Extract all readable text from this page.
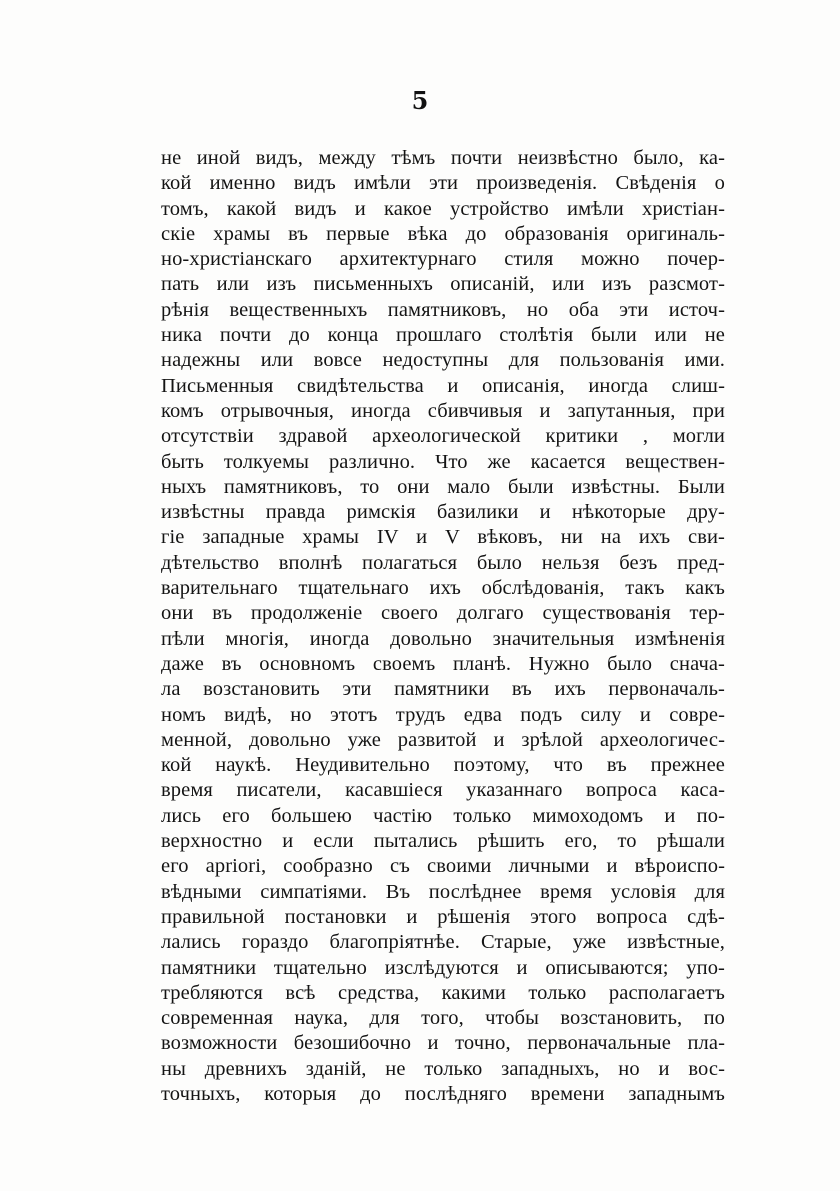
5
не иной видъ, между тѣмъ почти неизвѣстно было, ка-
кой именно видъ имѣли эти произведенія. Свѣденія о
томъ, какой видъ и какое устройство имѣли христіан-
скіе храмы въ первые вѣка до образованія оригиналь-
но-христіанскаго архитектурнаго стиля можно почер-
пать или изъ письменныхъ описаній, или изъ разсмот-
рѣнія вещественныхъ памятниковъ, но оба эти источ-
ника почти до конца прошлаго столѣтія были или не
надежны или вовсе недоступны для пользованія ими.
Письменныя свидѣтельства и описанія, иногда слиш-
комъ отрывочныя, иногда сбивчивыя и запутанныя, при
отсутствіи здравой археологической критики , могли
быть толкуемы различно. Что же касается веществен-
ныхъ памятниковъ, то они мало были извѣстны. Были
извѣстны правда римскія базилики и нѣкоторые дру-
гіе западные храмы IV и V вѣковъ, ни на ихъ сви-
дѣтельство вполнѣ полагаться было нельзя безъ пред-
варительнаго тщательнаго ихъ обслѣдованія, такъ какъ
они въ продолженіе своего долгаго существованія тер-
пѣли многія, иногда довольно значительныя измѣненія
даже въ основномъ своемъ планѣ. Нужно было снача-
ла возстановить эти памятники въ ихъ первоначаль-
номъ видѣ, но этотъ трудъ едва подъ силу и совре-
менной, довольно уже развитой и зрѣлой археологичес-
кой наукѣ. Неудивительно поэтому, что въ прежнее
время писатели, касавшіеся указаннаго вопроса каса-
лись его большею частію только мимоходомъ и по-
верхностно и если пытались рѣшить его, то рѣшали
его apriori, сообразно съ своими личными и вѣроиспо-
вѣдными симпатіями. Въ послѣднее время условія для
правильной постановки и рѣшенія этого вопроса сдѣ-
лались гораздо благопріятнѣе. Старые, уже извѣстные,
памятники тщательно изслѣдуются и описываются; упо-
требляются всѣ средства, какими только располагаетъ
современная наука, для того, чтобы возстановить, по
возможности безошибочно и точно, первоначальные пла-
ны древнихъ зданій, не только западныхъ, но и вос-
точныхъ, которыя до послѣдняго времени западнымъ
